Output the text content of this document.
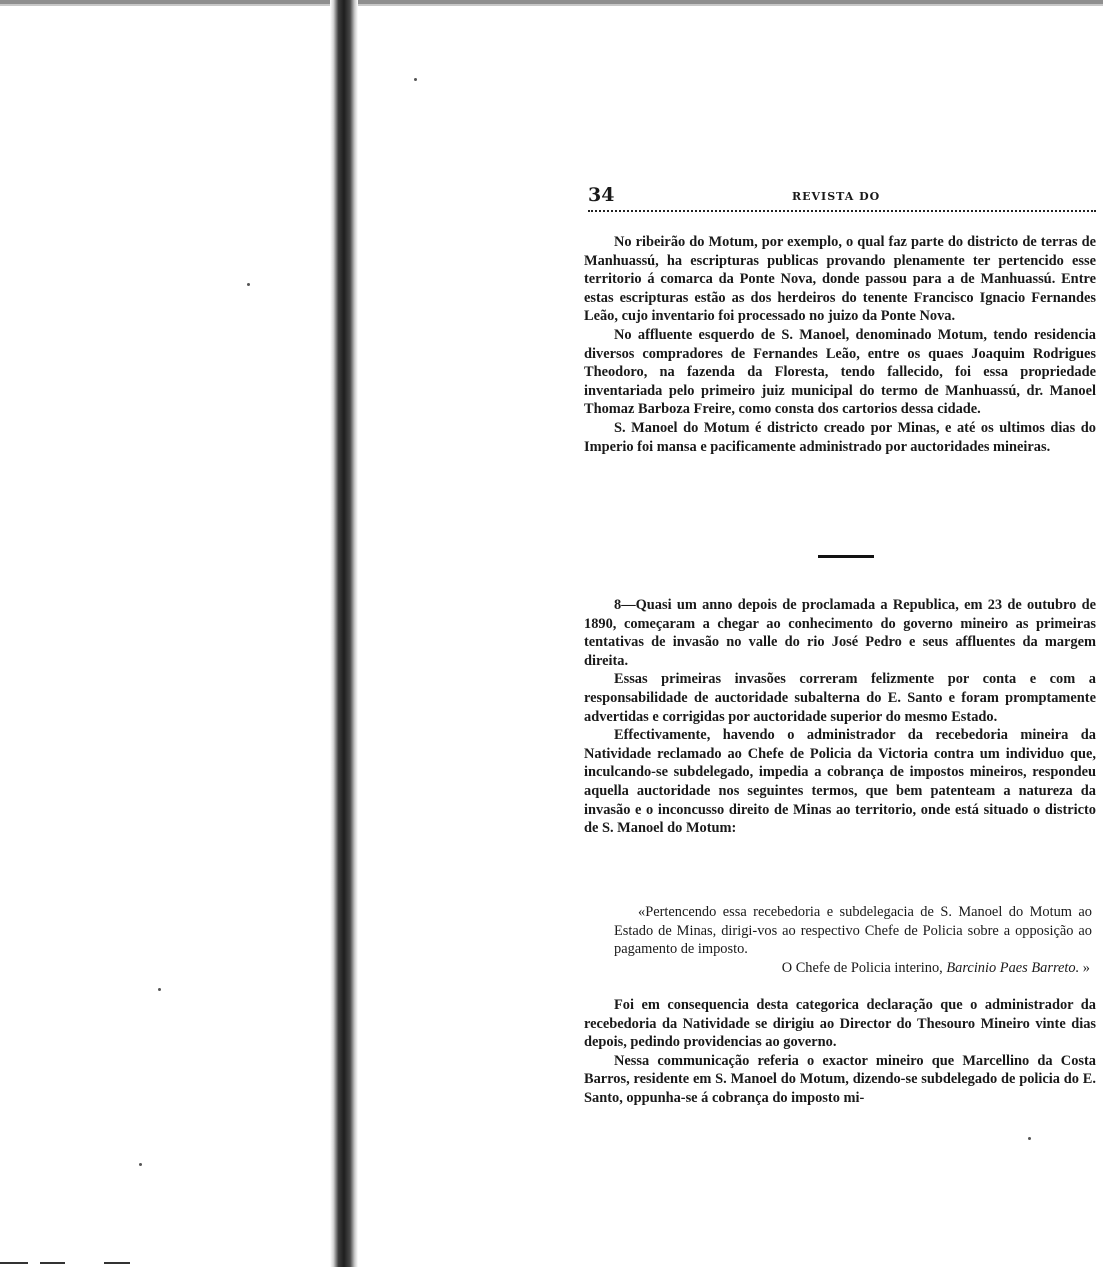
34	REVISTA DO

No ribeirão do Motum, por exemplo, o qual faz parte do districto de terras de Manhuassú, ha escripturas publicas provando plenamente ter pertencido esse territorio á comarca da Ponte Nova, donde passou para a de Manhuassú. Entre estas escripturas estão as dos herdeiros do tenente Francisco Ignacio Fernandes Leão, cujo inventario foi processado no juizo da Ponte Nova.

No affluente esquerdo de S. Manoel, denominado Motum, tendo residencia diversos compradores de Fernandes Leão, entre os quaes Joaquim Rodrigues Theodoro, na fazenda da Floresta, tendo fallecido, foi essa propriedade inventariada pelo primeiro juiz municipal do termo de Manhuassú, dr. Manoel Thomaz Barboza Freire, como consta dos cartorios dessa cidade.

S. Manoel do Motum é districto creado por Minas, e até os ultimos dias do Imperio foi mansa e pacificamente administrado por auctoridades mineiras.

8—Quasi um anno depois de proclamada a Republica, em 23 de outubro de 1890, começaram a chegar ao conhecimento do governo mineiro as primeiras tentativas de invasão no valle do rio José Pedro e seus affluentes da margem direita.

Essas primeiras invasões correram felizmente por conta e com a responsabilidade de auctoridade subalterna do E. Santo e foram promptamente advertidas e corrigidas por auctoridade superior do mesmo Estado.

Effectivamente, havendo o administrador da recebedoria mineira da Natividade reclamado ao Chefe de Policia da Victoria contra um individuo que, inculcando-se subdelegado, impedia a cobrança de impostos mineiros, respondeu aquella auctoridade nos seguintes termos, que bem patenteam a natureza da invasão e o inconcusso direito de Minas ao territorio, onde está situado o districto de S. Manoel do Motum:

«Pertencendo essa recebedoria e subdelegacia de S. Manoel do Motum ao Estado de Minas, dirigi-vos ao respectivo Chefe de Policia sobre a opposição ao pagamento de imposto.

O Chefe de Policia interino, Barcinio Paes Barreto. »

Foi em consequencia desta categorica declaração que o administrador da recebedoria da Natividade se dirigiu ao Director do Thesouro Mineiro vinte dias depois, pedindo providencias ao governo.

Nessa communicação referia o exactor mineiro que Marcellino da Costa Barros, residente em S. Manoel do Motum, dizendo-se subdelegado de policia do E. Santo, oppunha-se á cobrança do imposto mi-
